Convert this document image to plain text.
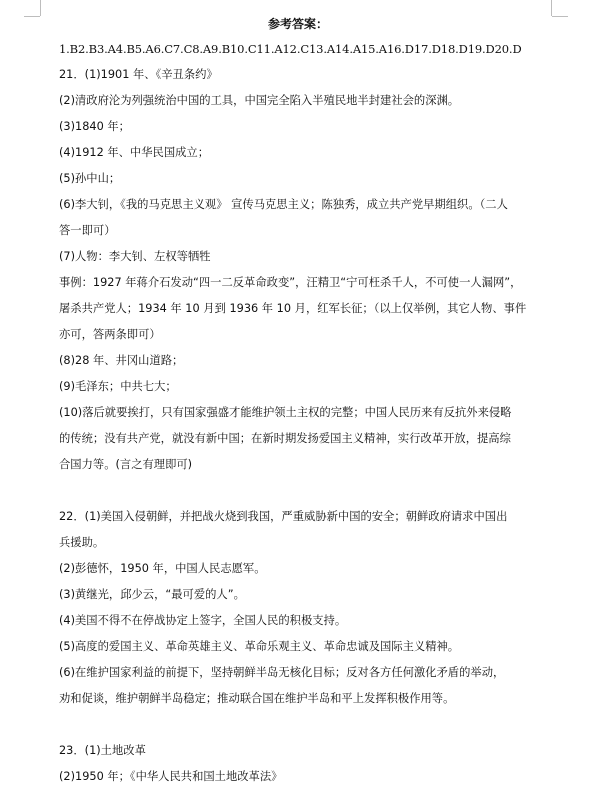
参考答案：
1.B2.B3.A4.B5.A6.C7.C8.A9.B10.C11.A12.C13.A14.A15.A16.D17.D18.D19.D20.D
21．(1)1901 年、《辛丑条约》
(2)清政府沦为列强统治中国的工具，中国完全陷入半殖民地半封建社会的深渊。
(3)1840 年；
(4)1912 年、中华民国成立；
(5)孙中山；
(6)李大钊，《我的马克思主义观》 宣传马克思主义；陈独秀，成立共产党早期组织。（二人
答一即可）
(7)人物：李大钊、左权等牺牲
事例：1927 年蒋介石发动“四一二反革命政变”，汪精卫“宁可枉杀千人，不可使一人漏网”，
屠杀共产党人；1934 年 10 月到 1936 年 10 月，红军长征；（以上仅举例，其它人物、事件
亦可，答两条即可）
(8)28 年、井冈山道路；
(9)毛泽东；中共七大；
(10)落后就要挨打，只有国家强盛才能维护领土主权的完整；中国人民历来有反抗外来侵略
的传统；没有共产党，就没有新中国；在新时期发扬爱国主义精神，实行改革开放，提高综
合国力等。(言之有理即可)
22．(1)美国入侵朝鲜，并把战火烧到我国，严重威胁新中国的安全；朝鲜政府请求中国出
兵援助。
(2)彭德怀，1950 年，中国人民志愿军。
(3)黄继光，邱少云，“最可爱的人”。
(4)美国不得不在停战协定上签字，全国人民的积极支持。
(5)高度的爱国主义、革命英雄主义、革命乐观主义、革命忠诚及国际主义精神。
(6)在维护国家利益的前提下，坚持朝鲜半岛无核化目标；反对各方任何激化矛盾的举动，
劝和促谈，维护朝鲜半岛稳定；推动联合国在维护半岛和平上发挥积极作用等。
23．(1)土地改革
(2)1950 年；《中华人民共和国土地改革法》
